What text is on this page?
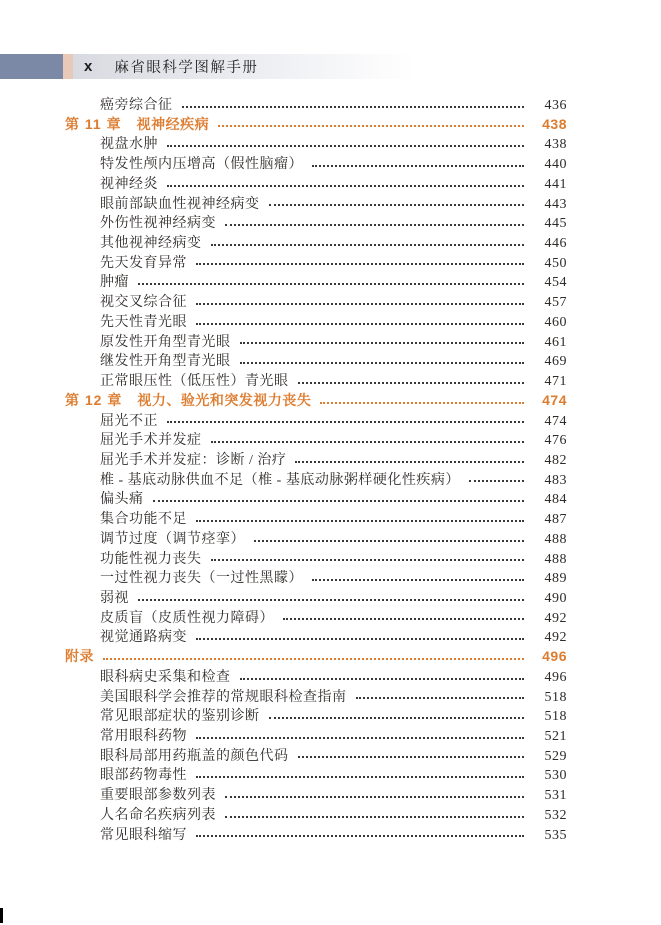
x 麻省眼科学图解手册
癌旁综合征	436
第 11 章 视神经疾病	438
视盘水肿	438
特发性颅内压增高（假性脑瘤）	440
视神经炎	441
眼前部缺血性视神经病变	443
外伤性视神经病变	445
其他视神经病变	446
先天发育异常	450
肿瘤	454
视交叉综合征	457
先天性青光眼	460
原发性开角型青光眼	461
继发性开角型青光眼	469
正常眼压性（低压性）青光眼	471
第 12 章 视力、验光和突发视力丧失	474
屈光不正	474
屈光手术并发症	476
屈光手术并发症：诊断 / 治疗	482
椎 - 基底动脉供血不足（椎 - 基底动脉粥样硬化性疾病）	483
偏头痛	484
集合功能不足	487
调节过度（调节痉挛）	488
功能性视力丧失	488
一过性视力丧失（一过性黑矇）	489
弱视	490
皮质盲（皮质性视力障碍）	492
视觉通路病变	492
附录	496
眼科病史采集和检查	496
美国眼科学会推荐的常规眼科检查指南	518
常见眼部症状的鉴别诊断	518
常用眼科药物	521
眼科局部用药瓶盖的颜色代码	529
眼部药物毒性	530
重要眼部参数列表	531
人名命名疾病列表	532
常见眼科缩写	535
